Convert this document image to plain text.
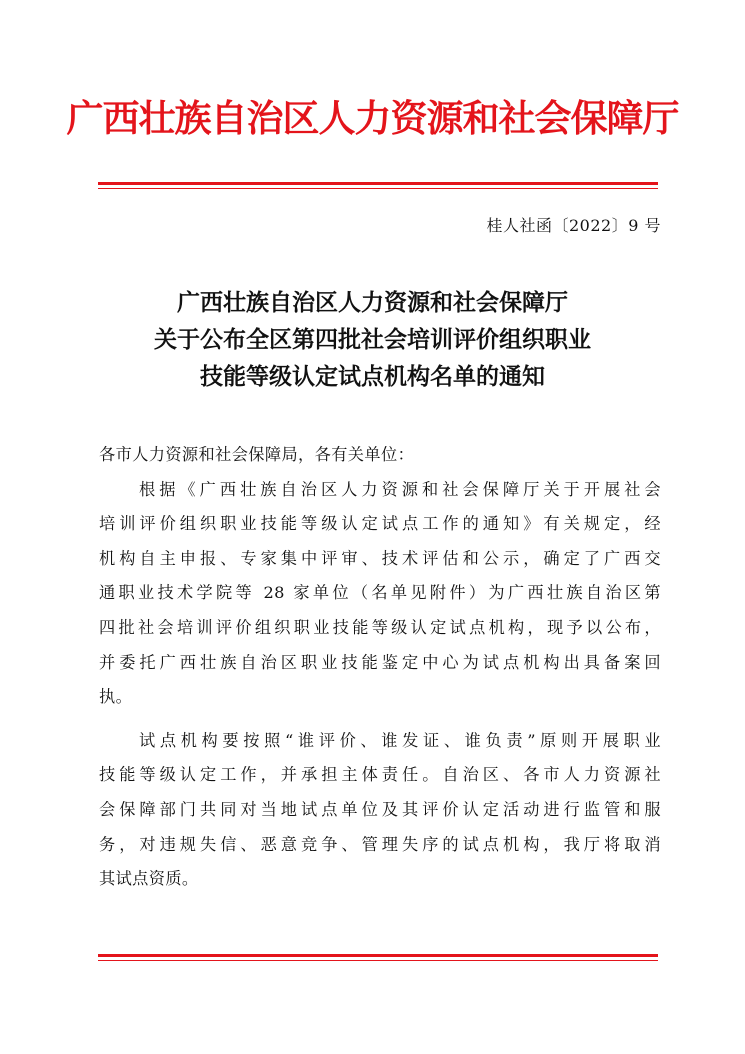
广西壮族自治区人力资源和社会保障厅
桂人社函〔2022〕9 号
广西壮族自治区人力资源和社会保障厅
关于公布全区第四批社会培训评价组织职业
技能等级认定试点机构名单的通知
各市人力资源和社会保障局，各有关单位：
根据《广西壮族自治区人力资源和社会保障厅关于开展社会
培训评价组织职业技能等级认定试点工作的通知》有关规定，经
机构自主申报、专家集中评审、技术评估和公示，确定了广西交
通职业技术学院等 28 家单位（名单见附件）为广西壮族自治区第
四批社会培训评价组织职业技能等级认定试点机构，现予以公布，
并委托广西壮族自治区职业技能鉴定中心为试点机构出具备案回
执。
试点机构要按照“谁评价、谁发证、谁负责”原则开展职业
技能等级认定工作，并承担主体责任。自治区、各市人力资源社
会保障部门共同对当地试点单位及其评价认定活动进行监管和服
务，对违规失信、恶意竞争、管理失序的试点机构，我厅将取消
其试点资质。
